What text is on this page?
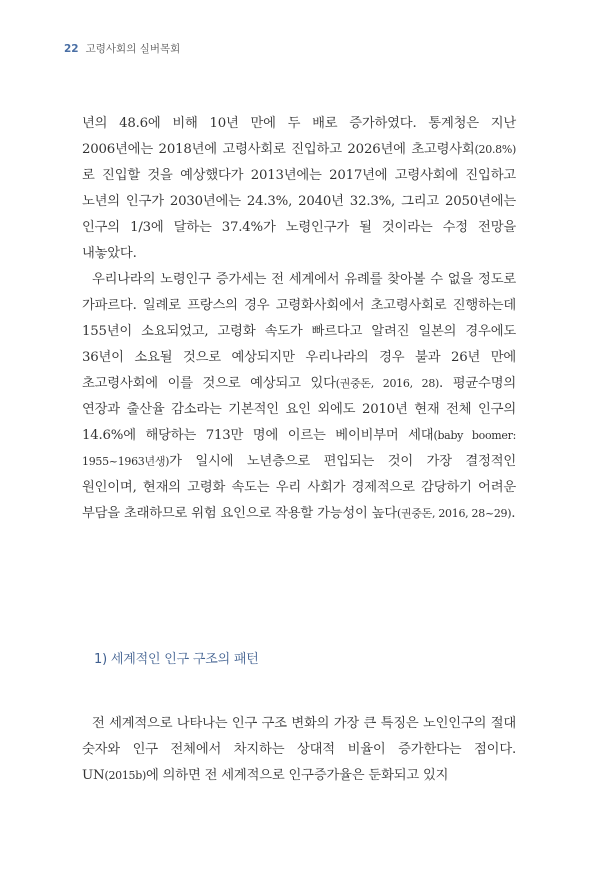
22 고령사회의 실버목회

년의 48.6에 비해 10년 만에 두 배로 증가하였다. 통계청은 지난 2006년에는 2018년에 고령사회로 진입하고 2026년에 초고령사회(20.8%)로 진입할 것을 예상했다가 2013년에는 2017년에 고령사회에 진입하고 노년의 인구가 2030년에는 24.3%, 2040년 32.3%, 그리고 2050년에는 인구의 1/3에 달하는 37.4%가 노령인구가 될 것이라는 수정 전망을 내놓았다.

우리나라의 노령인구 증가세는 전 세계에서 유례를 찾아볼 수 없을 정도로 가파르다. 일례로 프랑스의 경우 고령화사회에서 초고령사회로 진행하는데 155년이 소요되었고, 고령화 속도가 빠르다고 알려진 일본의 경우에도 36년이 소요될 것으로 예상되지만 우리나라의 경우 불과 26년 만에 초고령사회에 이를 것으로 예상되고 있다(권중돈, 2016, 28). 평균수명의 연장과 출산율 감소라는 기본적인 요인 외에도 2010년 현재 전체 인구의 14.6%에 해당하는 713만 명에 이르는 베이비부머 세대(baby boomer: 1955~1963년생)가 일시에 노년층으로 편입되는 것이 가장 결정적인 원인이며, 현재의 고령화 속도는 우리 사회가 경제적으로 감당하기 어려운 부담을 초래하므로 위험 요인으로 작용할 가능성이 높다(권중돈, 2016, 28~29).

1) 세계적인 인구 구조의 패턴

전 세계적으로 나타나는 인구 구조 변화의 가장 큰 특징은 노인인구의 절대 숫자와 인구 전체에서 차지하는 상대적 비율이 증가한다는 점이다. UN(2015b)에 의하면 전 세계적으로 인구증가율은 둔화되고 있지
